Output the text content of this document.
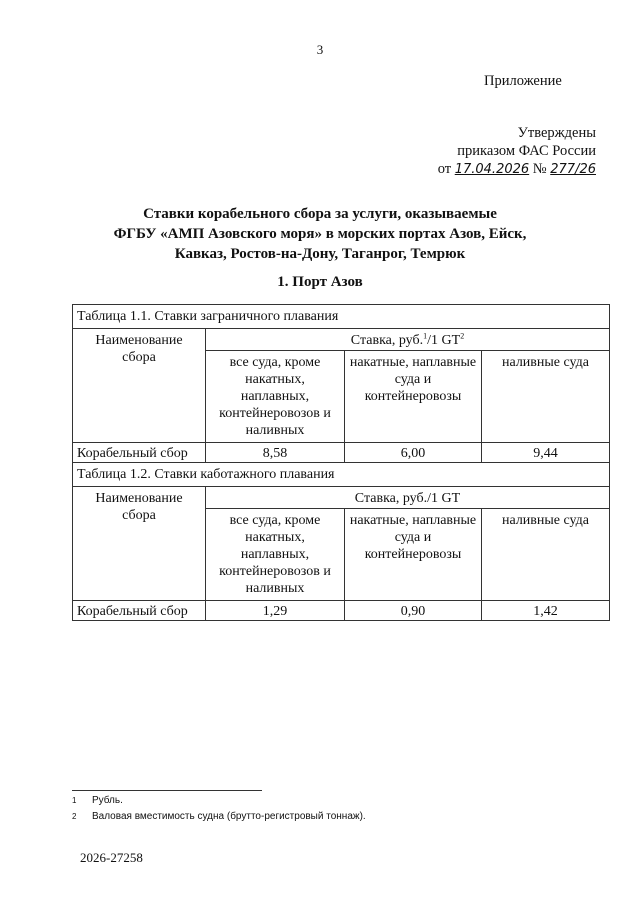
3
Приложение
Утверждены
приказом ФАС России
от 17.04.2026 № 277/26
Ставки корабельного сбора за услуги, оказываемые
ФГБУ «АМП Азовского моря» в морских портах Азов, Ейск,
Кавказ, Ростов-на-Дону, Таганрог, Темрюк
1. Порт Азов
Таблица 1.1. Ставки заграничного плавания			
Наименование сбора	Ставка, руб.$^1$/1 $GT^2$
	все суда, кроме накатных, наплавных, контейнеровозов и наливных	накатные, наплавные суда и контейнеровозы	наливные суда
Корабельный сбор	8,58	6,00	9,44
Таблица 1.2. Ставки каботажного плавания			
Наименование сбора	Ставка, руб./1 GT		
	все суда, кроме накатных, наплавных, контейнеровозов и наливных	накатные, наплавные суда и контейнеровозы	наливные суда
Корабельный сбор	1,29	0,90	1,42
1	Рубль.
2	Валовая вместимость судна (брутто-регистровый тоннаж).
2026-27258
